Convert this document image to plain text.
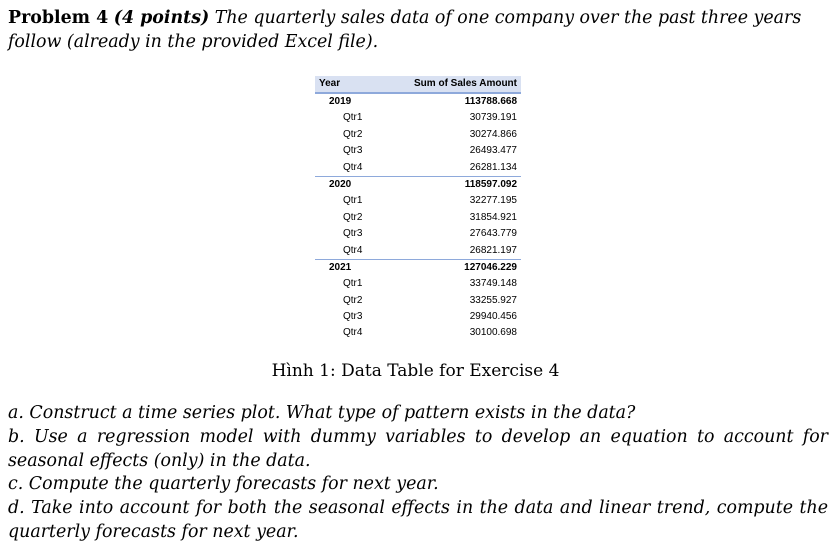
Problem 4 (4 points) The quarterly sales data of one company over the past three years follow (already in the provided Excel file).
Year	Sum of Sales Amount
2019	113788.668
Qtr1	30739.191
Qtr2	30274.866
Qtr3	26493.477
Qtr4	26281.134
2020	118597.092
Qtr1	32277.195
Qtr2	31854.921
Qtr3	27643.779
Qtr4	26821.197
2021	127046.229
Qtr1	33749.148
Qtr2	33255.927
Qtr3	29940.456
Qtr4	30100.698
Hình 1: Data Table for Exercise 4

a. Construct a time series plot. What type of pattern exists in the data?

b. Use a regression model with dummy variables to develop an equation to account for seasonal effects (only) in the data.

c. Compute the quarterly forecasts for next year.

d. Take into account for both the seasonal effects in the data and linear trend, compute the quarterly forecasts for next year.
